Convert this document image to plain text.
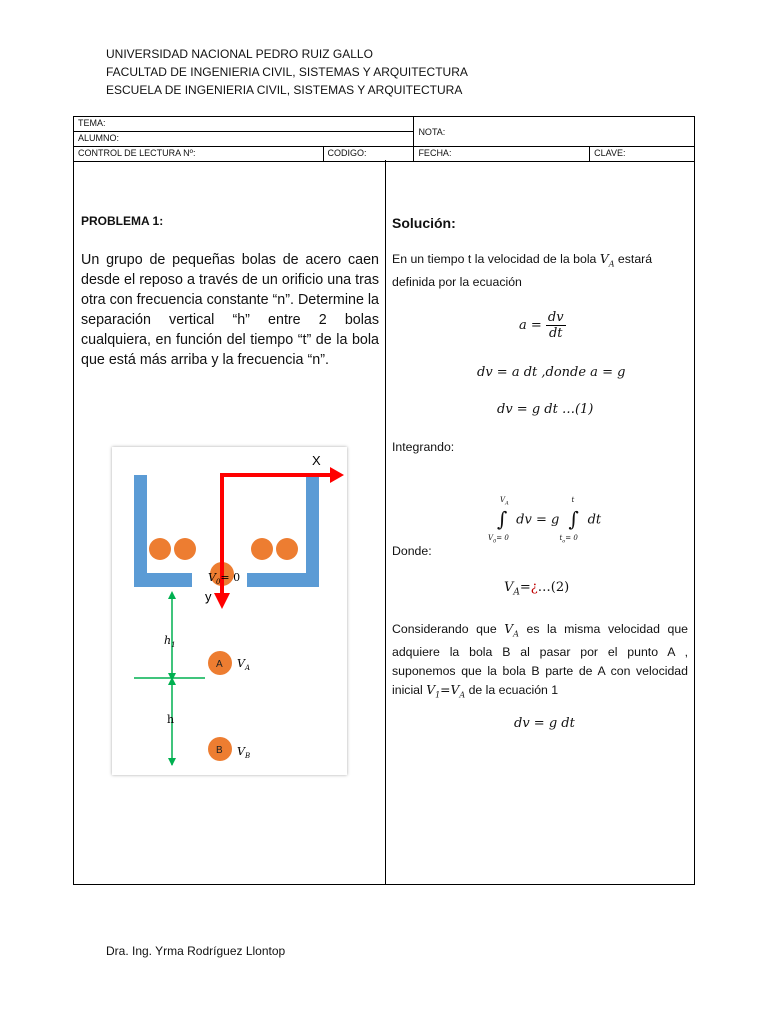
UNIVERSIDAD NACIONAL PEDRO RUIZ GALLO
FACULTAD DE INGENIERIA CIVIL, SISTEMAS Y ARQUITECTURA
ESCUELA DE INGENIERIA CIVIL, SISTEMAS Y ARQUITECTURA
TEMA:		NOTA:	
ALUMNO:			
CONTROL DE LECTURA Nº:	CODIGO:	FECHA:	CLAVE:
PROBLEMA 1:
Un grupo de pequeñas bolas de acero caen desde el reposo a través de un orificio una tras otra con frecuencia constante “n”. Determine la separación vertical “h” entre 2 bolas cualquiera, en función del tiempo “t” de la bola que está más arriba y la frecuencia “n”.
X
y
$V_0= 0$
$h_1$
h
A $V_A$
B $V_B$
Solución:
En un tiempo t la velocidad de la bola $V_A$ estará definida por la ecuación
$a = \frac{dv}{dt}$
dv = a dt ,donde a = g
dv = g dt …(1)
Integrando:
∫
$V_A$
$V_0= 0$
dv = g ∫
t
$t_o= 0$
dt
Donde:
$V_A=¿\dots(2)$
Considerando que $V_A$ es la misma velocidad que adquiere la bola B al pasar por el punto A , suponemos que la bola B parte de A con velocidad inicial $V_1=V_A$ de la ecuación 1
dv = g dt
Dra. Ing. Yrma Rodríguez Llontop
